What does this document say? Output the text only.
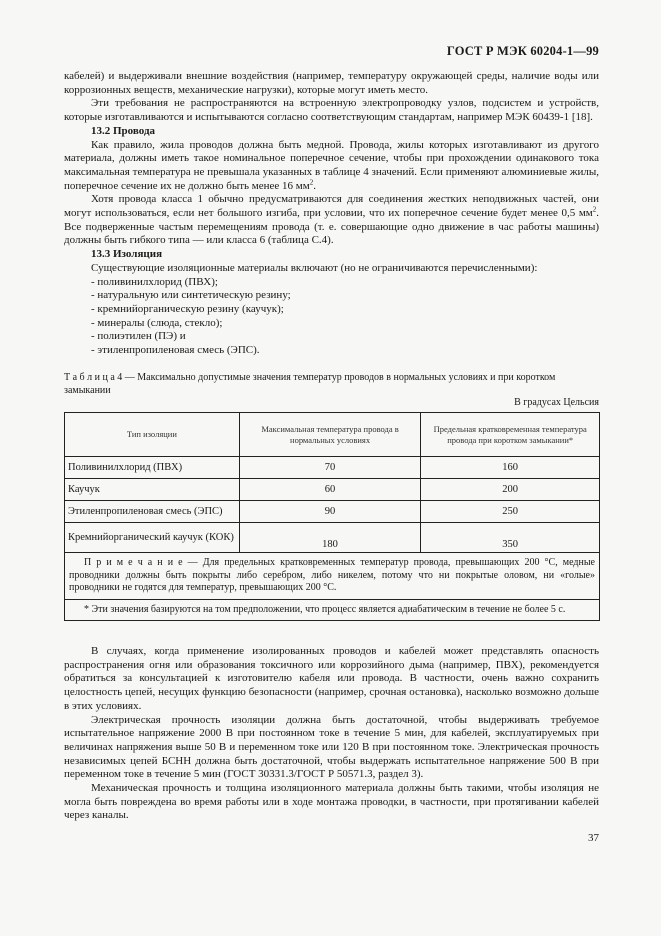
ГОСТ Р МЭК 60204-1—99

кабелей) и выдерживали внешние воздействия (например, температуру окружающей среды, наличие воды или коррозионных веществ, механические нагрузки), которые могут иметь место.

Эти требования не распространяются на встроенную электропроводку узлов, подсистем и устройств, которые изготавливаются и испытываются согласно соответствующим стандартам, например МЭК 60439-1 [18].

13.2 Провода

Как правило, жила проводов должна быть медной. Провода, жилы которых изготавливают из другого материала, должны иметь такое номинальное поперечное сечение, чтобы при прохождении одинакового тока максимальная температура не превышала указанных в таблице 4 значений. Если применяют алюминиевые жилы, поперечное сечение их не должно быть менее 16 $мм^2$.

Хотя провода класса 1 обычно предусматриваются для соединения жестких неподвижных частей, они могут использоваться, если нет большого изгиба, при условии, что их поперечное сечение будет менее 0,5 $мм^2$. Все подверженные частым перемещениям провода (т. е. совершающие одно движение в час работы машины) должны быть гибкого типа — или класса 6 (таблица С.4).

13.3 Изоляция

Существующие изоляционные материалы включают (но не ограничиваются перечисленными):

- поливинилхлорид (ПВХ);

- натуральную или синтетическую резину;

- кремнийорганическую резину (каучук);

- минералы (слюда, стекло);

- полиэтилен (ПЭ) и

- этиленпропиленовая смесь (ЭПС).

Т а б л и ц а 4 — Максимально допустимые значения температур проводов в нормальных условиях и при коротком замыкании
В градусах Цельсия
Тип изоляции	Максимальная температура провода в нормальных условиях	Предельная кратковременная температура провода при коротком замыкании*
Поливинилхлорид (ПВХ)	70	160
Каучук	60	200
Этиленпропиленовая смесь (ЭПС)	90	250
Кремнийорганический каучук (КОК)	180	350
П р и м е ч а н и е — Для предельных кратковременных температур провода, превышающих 200 °С, медные проводники должны быть покрыты либо серебром, либо никелем, потому что ни покрытые оловом, ни «голые» проводники не годятся для температур, превышающих 200 °С.		
* Эти значения базируются на том предположении, что процесс является адиабатическим в течение не более 5 с.		

В случаях, когда применение изолированных проводов и кабелей может представлять опасность распространения огня или образования токсичного или коррозийного дыма (например, ПВХ), рекомендуется обратиться за консультацией к изготовителю кабеля или провода. В частности, очень важно сохранить целостность цепей, несущих функцию безопасности (например, срочная остановка), насколько возможно дольше в этих условиях.

Электрическая прочность изоляции должна быть достаточной, чтобы выдерживать требуемое испытательное напряжение 2000 В при постоянном токе в течение 5 мин, для кабелей, эксплуатируемых при величинах напряжения выше 50 В и переменном токе или 120 В при постоянном токе. Электрическая прочность независимых цепей БСНН должна быть достаточной, чтобы выдержать испытательное напряжение 500 В при переменном токе в течение 5 мин (ГОСТ 30331.3/ГОСТ Р 50571.3, раздел 3).

Механическая прочность и толщина изоляционного материала должны быть такими, чтобы изоляция не могла быть повреждена во время работы или в ходе монтажа проводки, в частности, при протягивании кабелей через каналы.

37
